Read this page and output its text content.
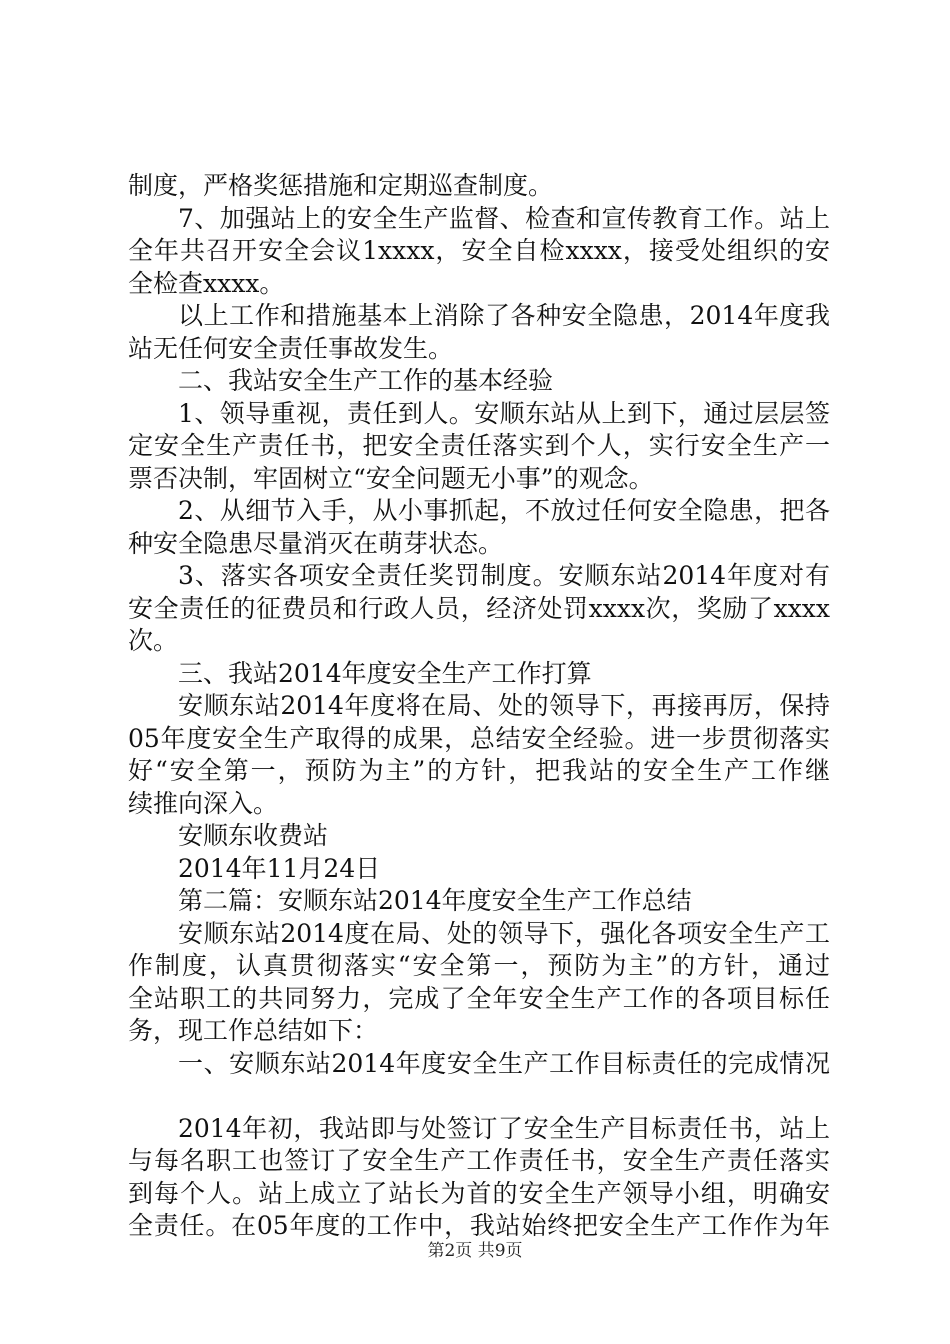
制度，严格奖惩措施和定期巡查制度。
7、加强站上的安全生产监督、检查和宣传教育工作。站上
全年共召开安全会议1xxxx，安全自检xxxx，接受处组织的安
全检查xxxx。
以上工作和措施基本上消除了各种安全隐患，2014年度我
站无任何安全责任事故发生。
二、我站安全生产工作的基本经验
1、领导重视，责任到人。安顺东站从上到下，通过层层签
定安全生产责任书，把安全责任落实到个人，实行安全生产一
票否决制，牢固树立“安全问题无小事”的观念。
2、从细节入手，从小事抓起，不放过任何安全隐患，把各
种安全隐患尽量消灭在萌芽状态。
3、落实各项安全责任奖罚制度。安顺东站2014年度对有
安全责任的征费员和行政人员，经济处罚xxxx次，奖励了xxxx
次。
三、我站2014年度安全生产工作打算
安顺东站2014年度将在局、处的领导下，再接再厉，保持
05年度安全生产取得的成果，总结安全经验。进一步贯彻落实
好“安全第一，预防为主”的方针，把我站的安全生产工作继
续推向深入。
安顺东收费站
2014年11月24日
第二篇：安顺东站2014年度安全生产工作总结
安顺东站2014度在局、处的领导下，强化各项安全生产工
作制度，认真贯彻落实“安全第一，预防为主”的方针，通过
全站职工的共同努力，完成了全年安全生产工作的各项目标任
务，现工作总结如下：
一、安顺东站2014年度安全生产工作目标责任的完成情况
2014年初，我站即与处签订了安全生产目标责任书，站上
与每名职工也签订了安全生产工作责任书，安全生产责任落实
到每个人。站上成立了站长为首的安全生产领导小组，明确安
全责任。在05年度的工作中，我站始终把安全生产工作作为年
第2页 共9页
